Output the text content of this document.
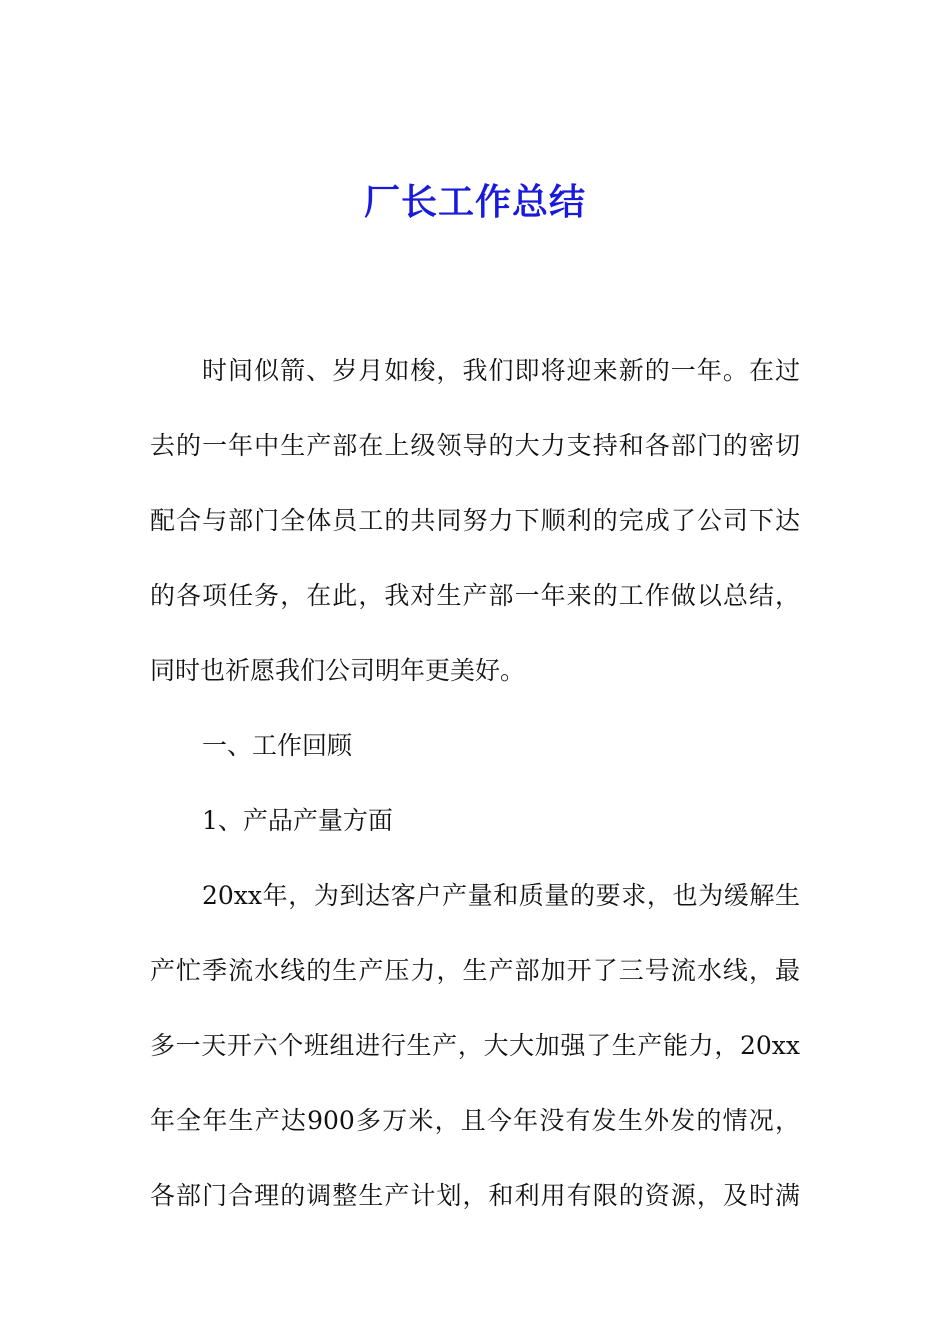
厂长工作总结
时间似箭、岁月如梭，我们即将迎来新的一年。在过
去的一年中生产部在上级领导的大力支持和各部门的密切
配合与部门全体员工的共同努力下顺利的完成了公司下达
的各项任务，在此，我对生产部一年来的工作做以总结，
同时也祈愿我们公司明年更美好。
一、工作回顾
1、产品产量方面
20xx年，为到达客户产量和质量的要求，也为缓解生
产忙季流水线的生产压力，生产部加开了三号流水线，最
多一天开六个班组进行生产，大大加强了生产能力，20xx
年全年生产达900多万米，且今年没有发生外发的情况，
各部门合理的调整生产计划，和利用有限的资源，及时满
